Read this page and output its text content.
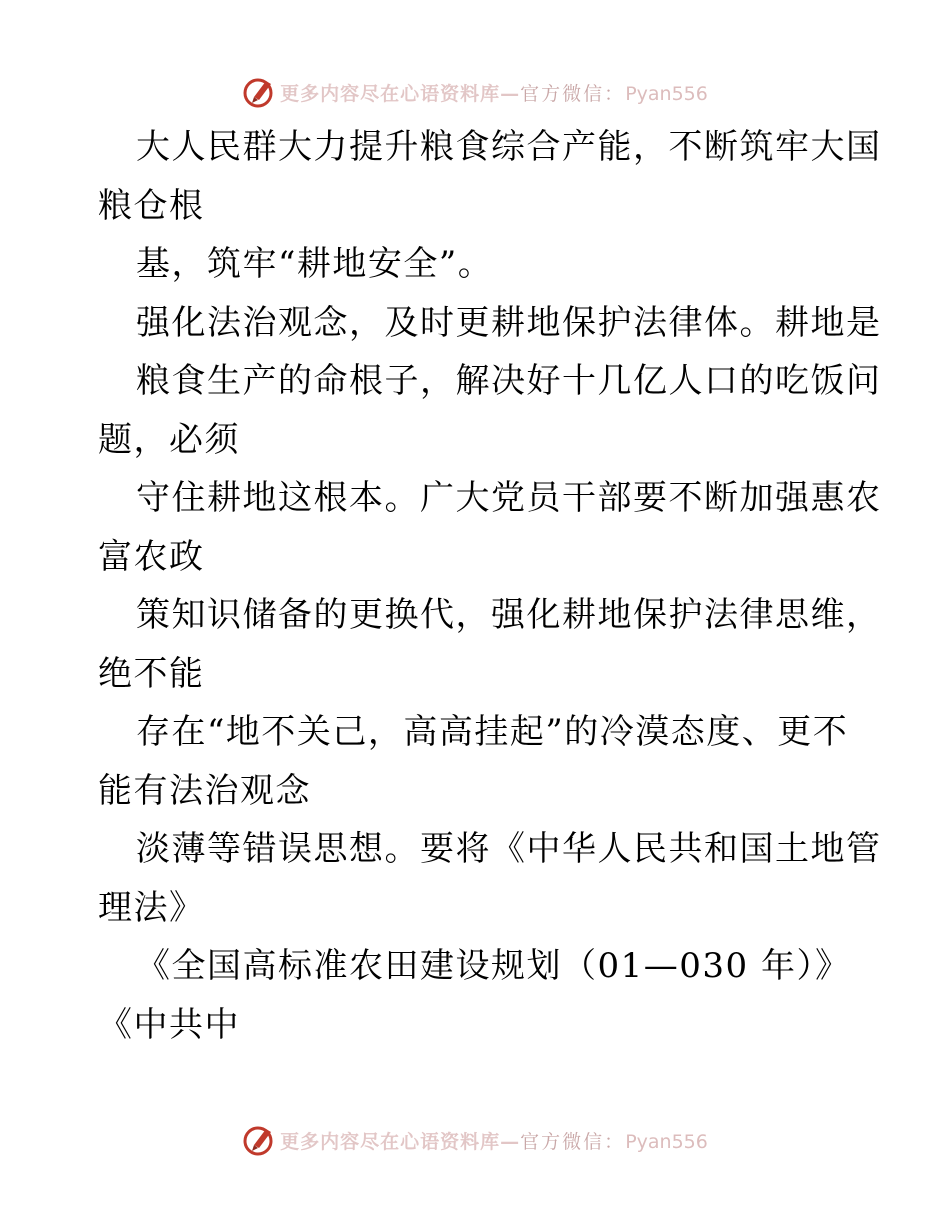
更多内容尽在心语资料库—官方微信：Pyan556
大人民群大力提升粮食综合产能，不断筑牢大国
粮仓根
基，筑牢“耕地安全”。
强化法治观念，及时更耕地保护法律体。耕地是
粮食生产的命根子，解决好十几亿人口的吃饭问
题，必须
守住耕地这根本。广大党员干部要不断加强惠农
富农政
策知识储备的更换代，强化耕地保护法律思维，
绝不能
存在“地不关己，高高挂起”的冷漠态度、更不
能有法治观念
淡薄等错误思想。要将《中华人民共和国土地管
理法》
《全国高标准农田建设规划（01—030 年）》
《中共中
更多内容尽在心语资料库—官方微信：Pyan556
